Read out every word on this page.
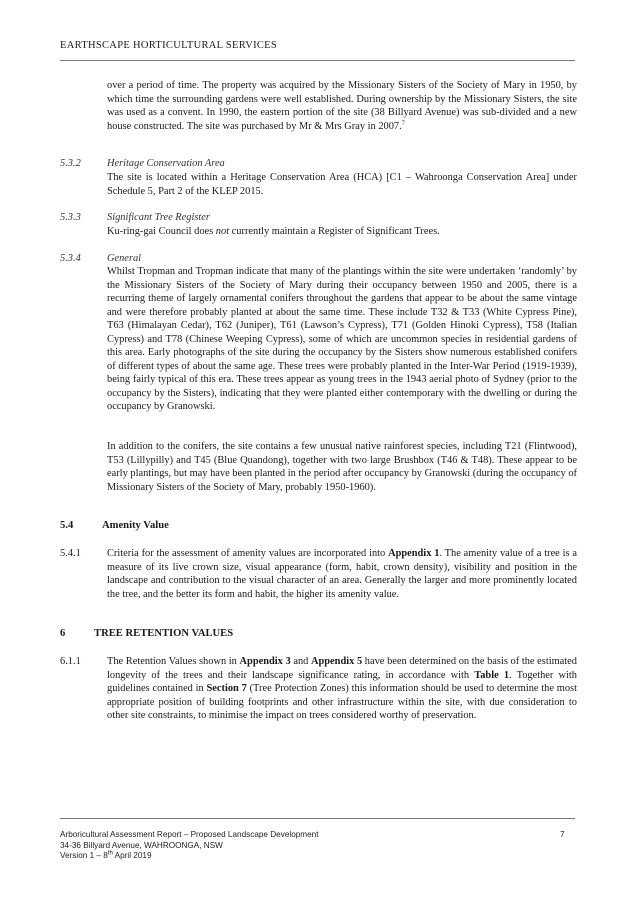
EARTHSCAPE HORTICULTURAL SERVICES
over a period of time. The property was acquired by the Missionary Sisters of the Society of Mary in 1950, by which time the surrounding gardens were well established. During ownership by the Missionary Sisters, the site was used as a convent. In 1990, the eastern portion of the site (38 Billyard Avenue) was sub-divided and a new house constructed. The site was purchased by Mr & Mrs Gray in 2007.$^7$
5.3.2	Heritage Conservation Area
The site is located within a Heritage Conservation Area (HCA) [C1 – Wahroonga Conservation Area] under Schedule 5, Part 2 of the KLEP 2015.
5.3.3	Significant Tree Register
Ku-ring-gai Council does not currently maintain a Register of Significant Trees.
5.3.4	General
Whilst Tropman and Tropman indicate that many of the plantings within the site were undertaken ‘randomly’ by the Missionary Sisters of the Society of Mary during their occupancy between 1950 and 2005, there is a recurring theme of largely ornamental conifers throughout the gardens that appear to be about the same vintage and were therefore probably planted at about the same time. These include T32 & T33 (White Cypress Pine), T63 (Himalayan Cedar), T62 (Juniper), T61 (Lawson’s Cypress), T71 (Golden Hinoki Cypress), T58 (Italian Cypress) and T78 (Chinese Weeping Cypress), some of which are uncommon species in residential gardens of this area. Early photographs of the site during the occupancy by the Sisters show numerous established conifers of different types of about the same age. These trees were probably planted in the Inter-War Period (1919-1939), being fairly typical of this era. These trees appear as young trees in the 1943 aerial photo of Sydney (prior to the occupancy by the Sisters), indicating that they were planted either contemporary with the dwelling or during the occupancy by Granowski.
In addition to the conifers, the site contains a few unusual native rainforest species, including T21 (Flintwood), T53 (Lillypilly) and T45 (Blue Quandong), together with two large Brushbox (T46 & T48). These appear to be early plantings, but may have been planted in the period after occupancy by Granowski (during the occupancy of Missionary Sisters of the Society of Mary, probably 1950-1960).
5.4	Amenity Value
5.4.1	Criteria for the assessment of amenity values are incorporated into Appendix 1. The amenity value of a tree is a measure of its live crown size, visual appearance (form, habit, crown density), visibility and position in the landscape and contribution to the visual character of an area. Generally the larger and more prominently located the tree, and the better its form and habit, the higher its amenity value.
6	TREE RETENTION VALUES
6.1.1	The Retention Values shown in Appendix 3 and Appendix 5 have been determined on the basis of the estimated longevity of the trees and their landscape significance rating, in accordance with Table 1. Together with guidelines contained in Section 7 (Tree Protection Zones) this information should be used to determine the most appropriate position of building footprints and other infrastructure within the site, with due consideration to other site constraints, to minimise the impact on trees considered worthy of preservation.
Arboricultural Assessment Report – Proposed Landscape Development
34-36 Billyard Avenue, WAHROONGA, NSW
Version 1 – 8th April 2019
7
